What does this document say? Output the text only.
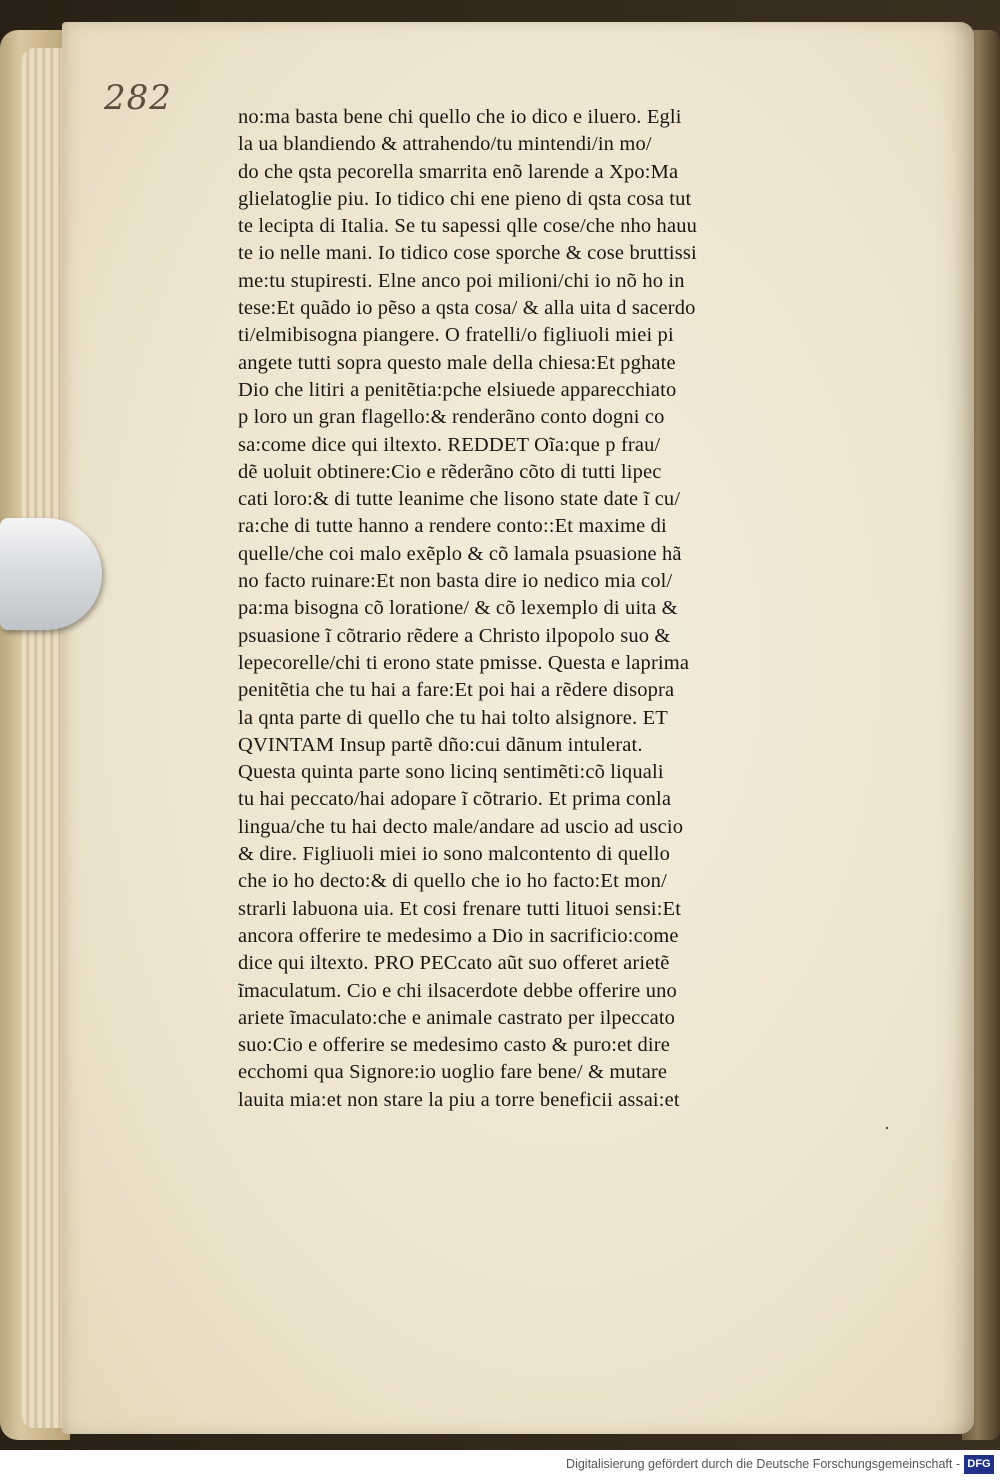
282	no:ma basta bene chi quello che io dico e iluero. Egli
la ua blandiendo & attrahendo/tu mintendi/in mo/
do che qsta pecorella smarrita enõ larende a Xpo:Ma
glielatoglie piu. Io tidico chi ene pieno di qsta cosa tut
te lecipta di Italia. Se tu sapessi qlle cose/che nho hauu
te io nelle mani. Io tidico cose sporche & cose bruttissi
me:tu stupiresti. Elne anco poi milioni/chi io nõ ho in
tese:Et quãdo io pẽso a qsta cosa/ & alla uita d sacerdo
ti/elmibisogna piangere. O fratelli/o figliuoli miei pi
angete tutti sopra questo male della chiesa:Et pghate
Dio che litiri a penitẽtia:pche elsiuede apparecchiato
p loro un gran flagello:& renderãno conto dogni co
sa:come dice qui iltexto. REDDET Oĩa:que p frau/
dẽ uoluit obtinere:Cio e rẽderãno cõto di tutti lipec
cati loro:& di tutte leanime che lisono state date ĩ cu/
ra:che di tutte hanno a rendere conto::Et maxime di
quelle/che coi malo exẽplo & cõ lamala psuasione hã
no facto ruinare:Et non basta dire io nedico mia col/
pa:ma bisogna cõ loratione/ & cõ lexemplo di uita &
psuasione ĩ cõtrario rẽdere a Christo ilpopolo suo &
lepecorelle/chi ti erono state pmisse. Questa e laprima
penitẽtia che tu hai a fare:Et poi hai a rẽdere disopra
la qnta parte di quello che tu hai tolto alsignore. ET
QVINTAM Insup partẽ dño:cui dãnum intulerat.
Questa quinta parte sono licinq sentimẽti:cõ liquali
tu hai peccato/hai adopare ĩ cõtrario. Et prima conla
lingua/che tu hai decto male/andare ad uscio ad uscio
& dire. Figliuoli miei io sono malcontento di quello
che io ho decto:& di quello che io ho facto:Et mon/
strarli labuona uia. Et cosi frenare tutti lituoi sensi:Et
ancora offerire te medesimo a Dio in sacrificio:come
dice qui iltexto. PRO PECcato aũt suo offeret arietẽ
ĩmaculatum. Cio e chi ilsacerdote debbe offerire uno
ariete ĩmaculato:che e animale castrato per ilpeccato
suo:Cio e offerire se medesimo casto & puro:et dire
ecchomi qua Signore:io uoglio fare bene/ & mutare
lauita mia:et non stare la piu a torre beneficii assai:et
·
Digitalisierung gefördert durch die Deutsche Forschungsgemeinschaft - DFG
